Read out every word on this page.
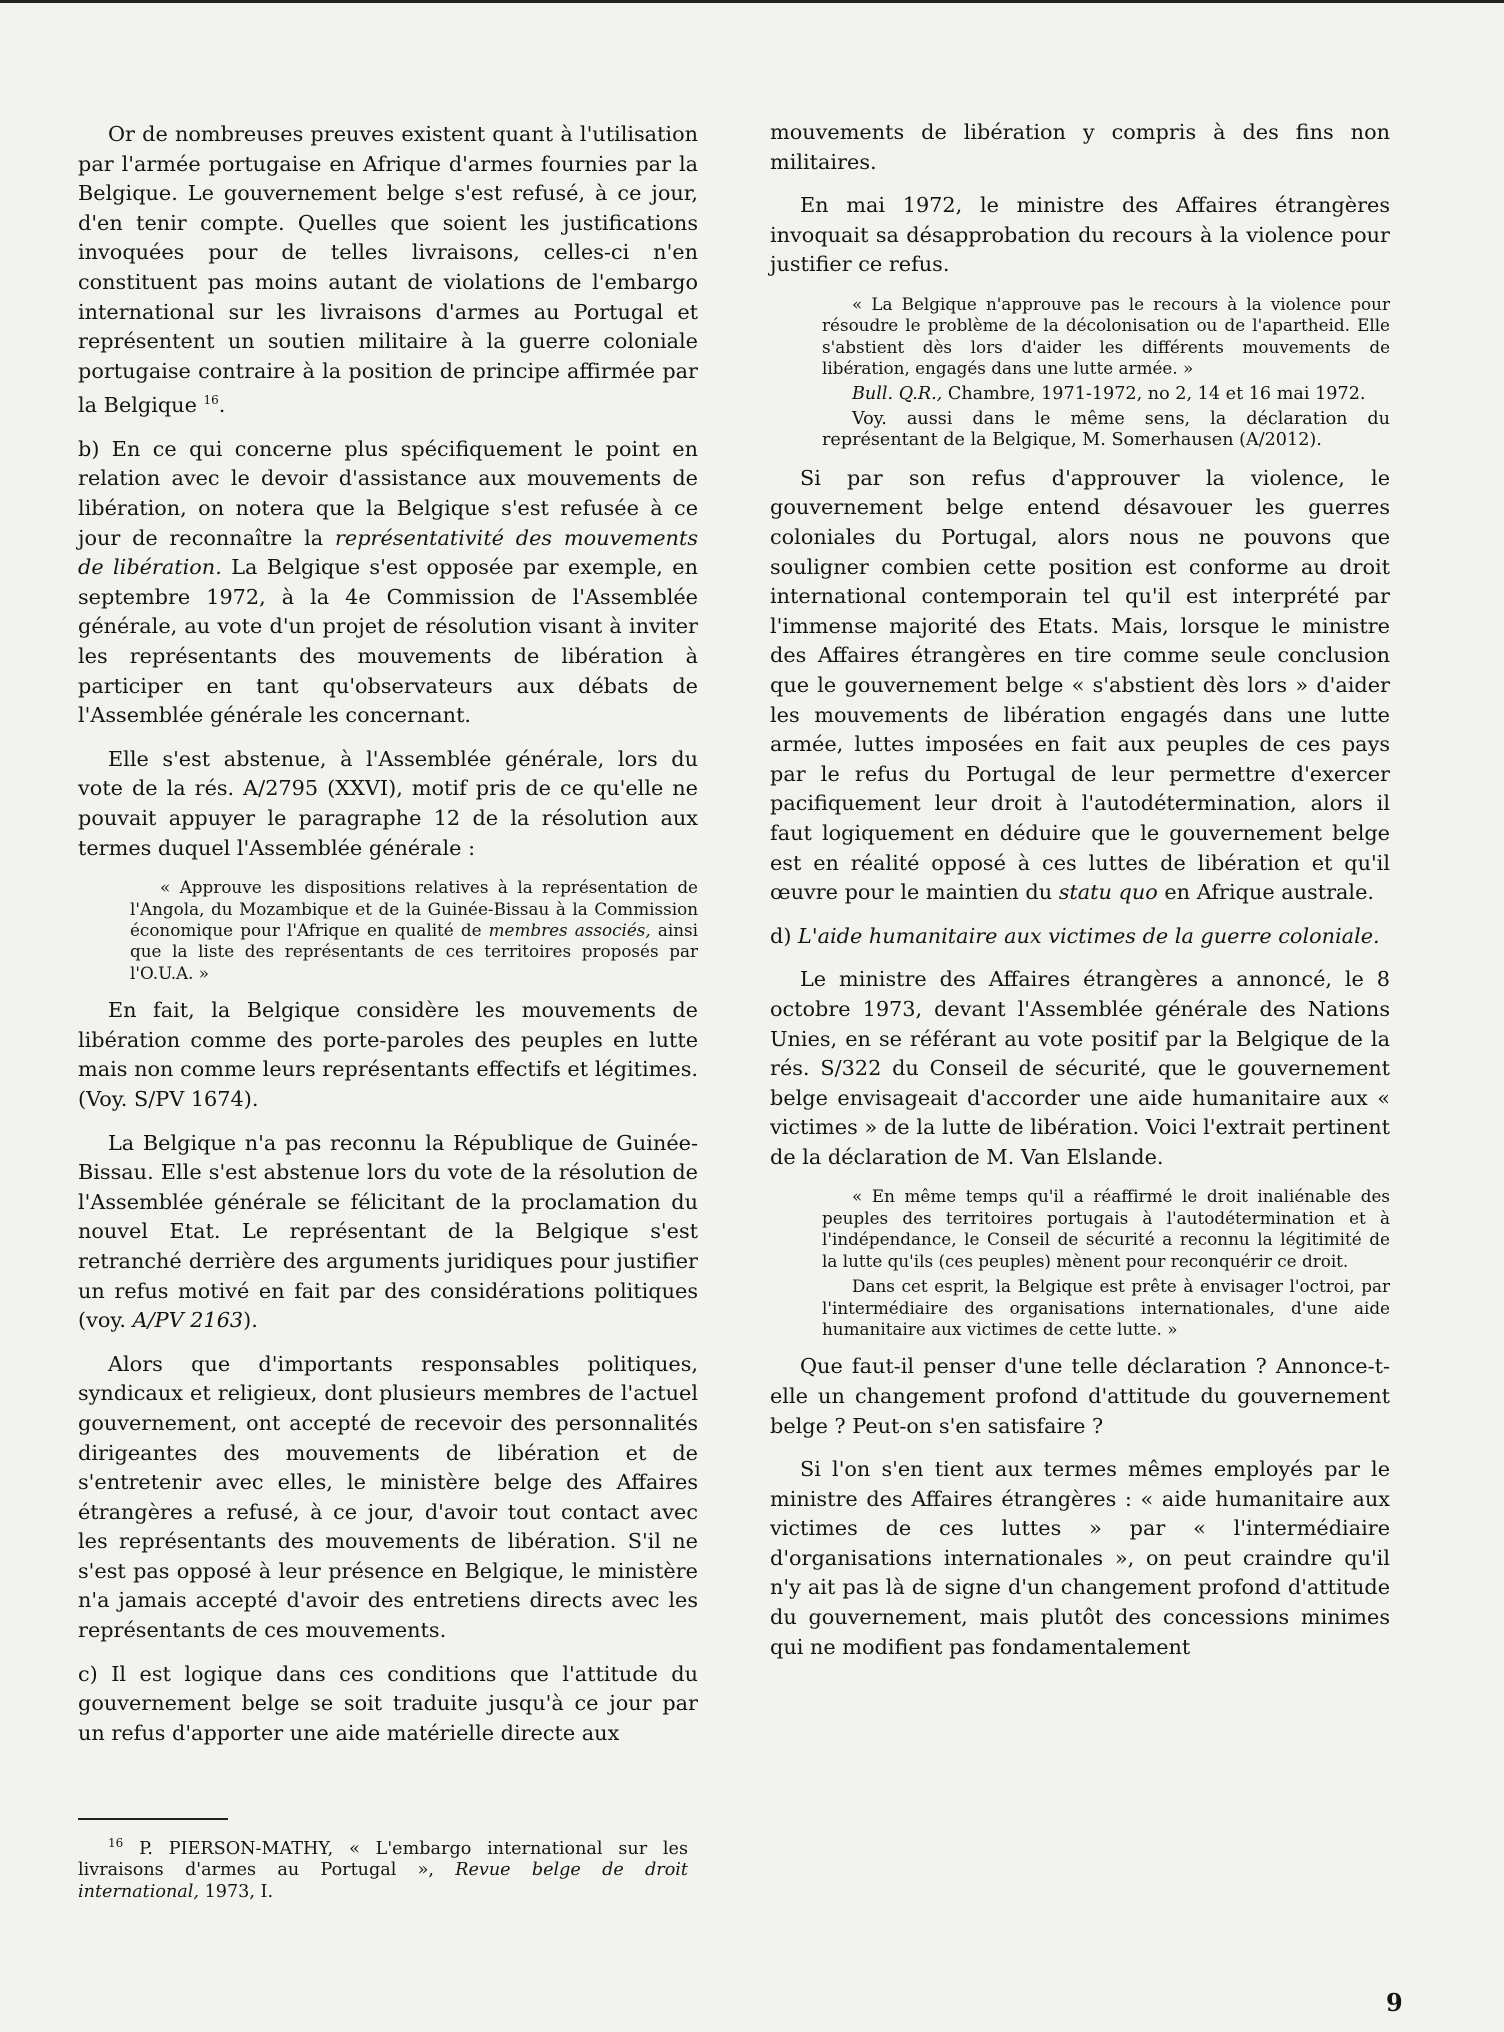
Or de nombreuses preuves existent quant à l'utilisation par l'armée portugaise en Afrique d'armes fournies par la Belgique. Le gouvernement belge s'est refusé, à ce jour, d'en tenir compte. Quelles que soient les justifications invoquées pour de telles livraisons, celles-ci n'en constituent pas moins autant de violations de l'embargo international sur les livraisons d'armes au Portugal et représentent un soutien militaire à la guerre coloniale portugaise contraire à la position de principe affirmée par la Belgique $^{16}$.

b) En ce qui concerne plus spécifiquement le point en relation avec le devoir d'assistance aux mouvements de libération, on notera que la Belgique s'est refusée à ce jour de reconnaître la représentativité des mouvements de libération. La Belgique s'est opposée par exemple, en septembre 1972, à la 4e Commission de l'Assemblée générale, au vote d'un projet de résolution visant à inviter les représentants des mouvements de libération à participer en tant qu'observateurs aux débats de l'Assemblée générale les concernant.

Elle s'est abstenue, à l'Assemblée générale, lors du vote de la rés. A/2795 (XXVI), motif pris de ce qu'elle ne pouvait appuyer le paragraphe 12 de la résolution aux termes duquel l'Assemblée générale :

« Approuve les dispositions relatives à la représentation de l'Angola, du Mozambique et de la Guinée-Bissau à la Commission économique pour l'Afrique en qualité de membres associés, ainsi que la liste des représentants de ces territoires proposés par l'O.U.A. »

En fait, la Belgique considère les mouvements de libération comme des porte-paroles des peuples en lutte mais non comme leurs représentants effectifs et légitimes. (Voy. S/PV 1674).

La Belgique n'a pas reconnu la République de Guinée-Bissau. Elle s'est abstenue lors du vote de la résolution de l'Assemblée générale se félicitant de la proclamation du nouvel Etat. Le représentant de la Belgique s'est retranché derrière des arguments juridiques pour justifier un refus motivé en fait par des considérations politiques (voy. A/PV 2163).

Alors que d'importants responsables politiques, syndicaux et religieux, dont plusieurs membres de l'actuel gouvernement, ont accepté de recevoir des personnalités dirigeantes des mouvements de libération et de s'entretenir avec elles, le ministère belge des Affaires étrangères a refusé, à ce jour, d'avoir tout contact avec les représentants des mouvements de libération. S'il ne s'est pas opposé à leur présence en Belgique, le ministère n'a jamais accepté d'avoir des entretiens directs avec les représentants de ces mouvements.

c) Il est logique dans ces conditions que l'attitude du gouvernement belge se soit traduite jusqu'à ce jour par un refus d'apporter une aide matérielle directe aux

$^{16}$ P. PIERSON-MATHY, « L'embargo international sur les livraisons d'armes au Portugal », Revue belge de droit international, 1973, I.

mouvements de libération y compris à des fins non militaires.

En mai 1972, le ministre des Affaires étrangères invoquait sa désapprobation du recours à la violence pour justifier ce refus.

« La Belgique n'approuve pas le recours à la violence pour résoudre le problème de la décolonisation ou de l'apartheid. Elle s'abstient dès lors d'aider les différents mouvements de libération, engagés dans une lutte armée. »

Bull. Q.R., Chambre, 1971-1972, no 2, 14 et 16 mai 1972.

Voy. aussi dans le même sens, la déclaration du représentant de la Belgique, M. Somerhausen (A/2012).

Si par son refus d'approuver la violence, le gouvernement belge entend désavouer les guerres coloniales du Portugal, alors nous ne pouvons que souligner combien cette position est conforme au droit international contemporain tel qu'il est interprété par l'immense majorité des Etats. Mais, lorsque le ministre des Affaires étrangères en tire comme seule conclusion que le gouvernement belge « s'abstient dès lors » d'aider les mouvements de libération engagés dans une lutte armée, luttes imposées en fait aux peuples de ces pays par le refus du Portugal de leur permettre d'exercer pacifiquement leur droit à l'autodétermination, alors il faut logiquement en déduire que le gouvernement belge est en réalité opposé à ces luttes de libération et qu'il œuvre pour le maintien du statu quo en Afrique australe.

d) L'aide humanitaire aux victimes de la guerre coloniale.

Le ministre des Affaires étrangères a annoncé, le 8 octobre 1973, devant l'Assemblée générale des Nations Unies, en se référant au vote positif par la Belgique de la rés. S/322 du Conseil de sécurité, que le gouvernement belge envisageait d'accorder une aide humanitaire aux « victimes » de la lutte de libération. Voici l'extrait pertinent de la déclaration de M. Van Elslande.

« En même temps qu'il a réaffirmé le droit inaliénable des peuples des territoires portugais à l'autodétermination et à l'indépendance, le Conseil de sécurité a reconnu la légitimité de la lutte qu'ils (ces peuples) mènent pour reconquérir ce droit.

Dans cet esprit, la Belgique est prête à envisager l'octroi, par l'intermédiaire des organisations internationales, d'une aide humanitaire aux victimes de cette lutte. »

Que faut-il penser d'une telle déclaration ? Annonce-t-elle un changement profond d'attitude du gouvernement belge ? Peut-on s'en satisfaire ?

Si l'on s'en tient aux termes mêmes employés par le ministre des Affaires étrangères : « aide humanitaire aux victimes de ces luttes » par « l'intermédiaire d'organisations internationales », on peut craindre qu'il n'y ait pas là de signe d'un changement profond d'attitude du gouvernement, mais plutôt des concessions minimes qui ne modifient pas fondamentalement

9
